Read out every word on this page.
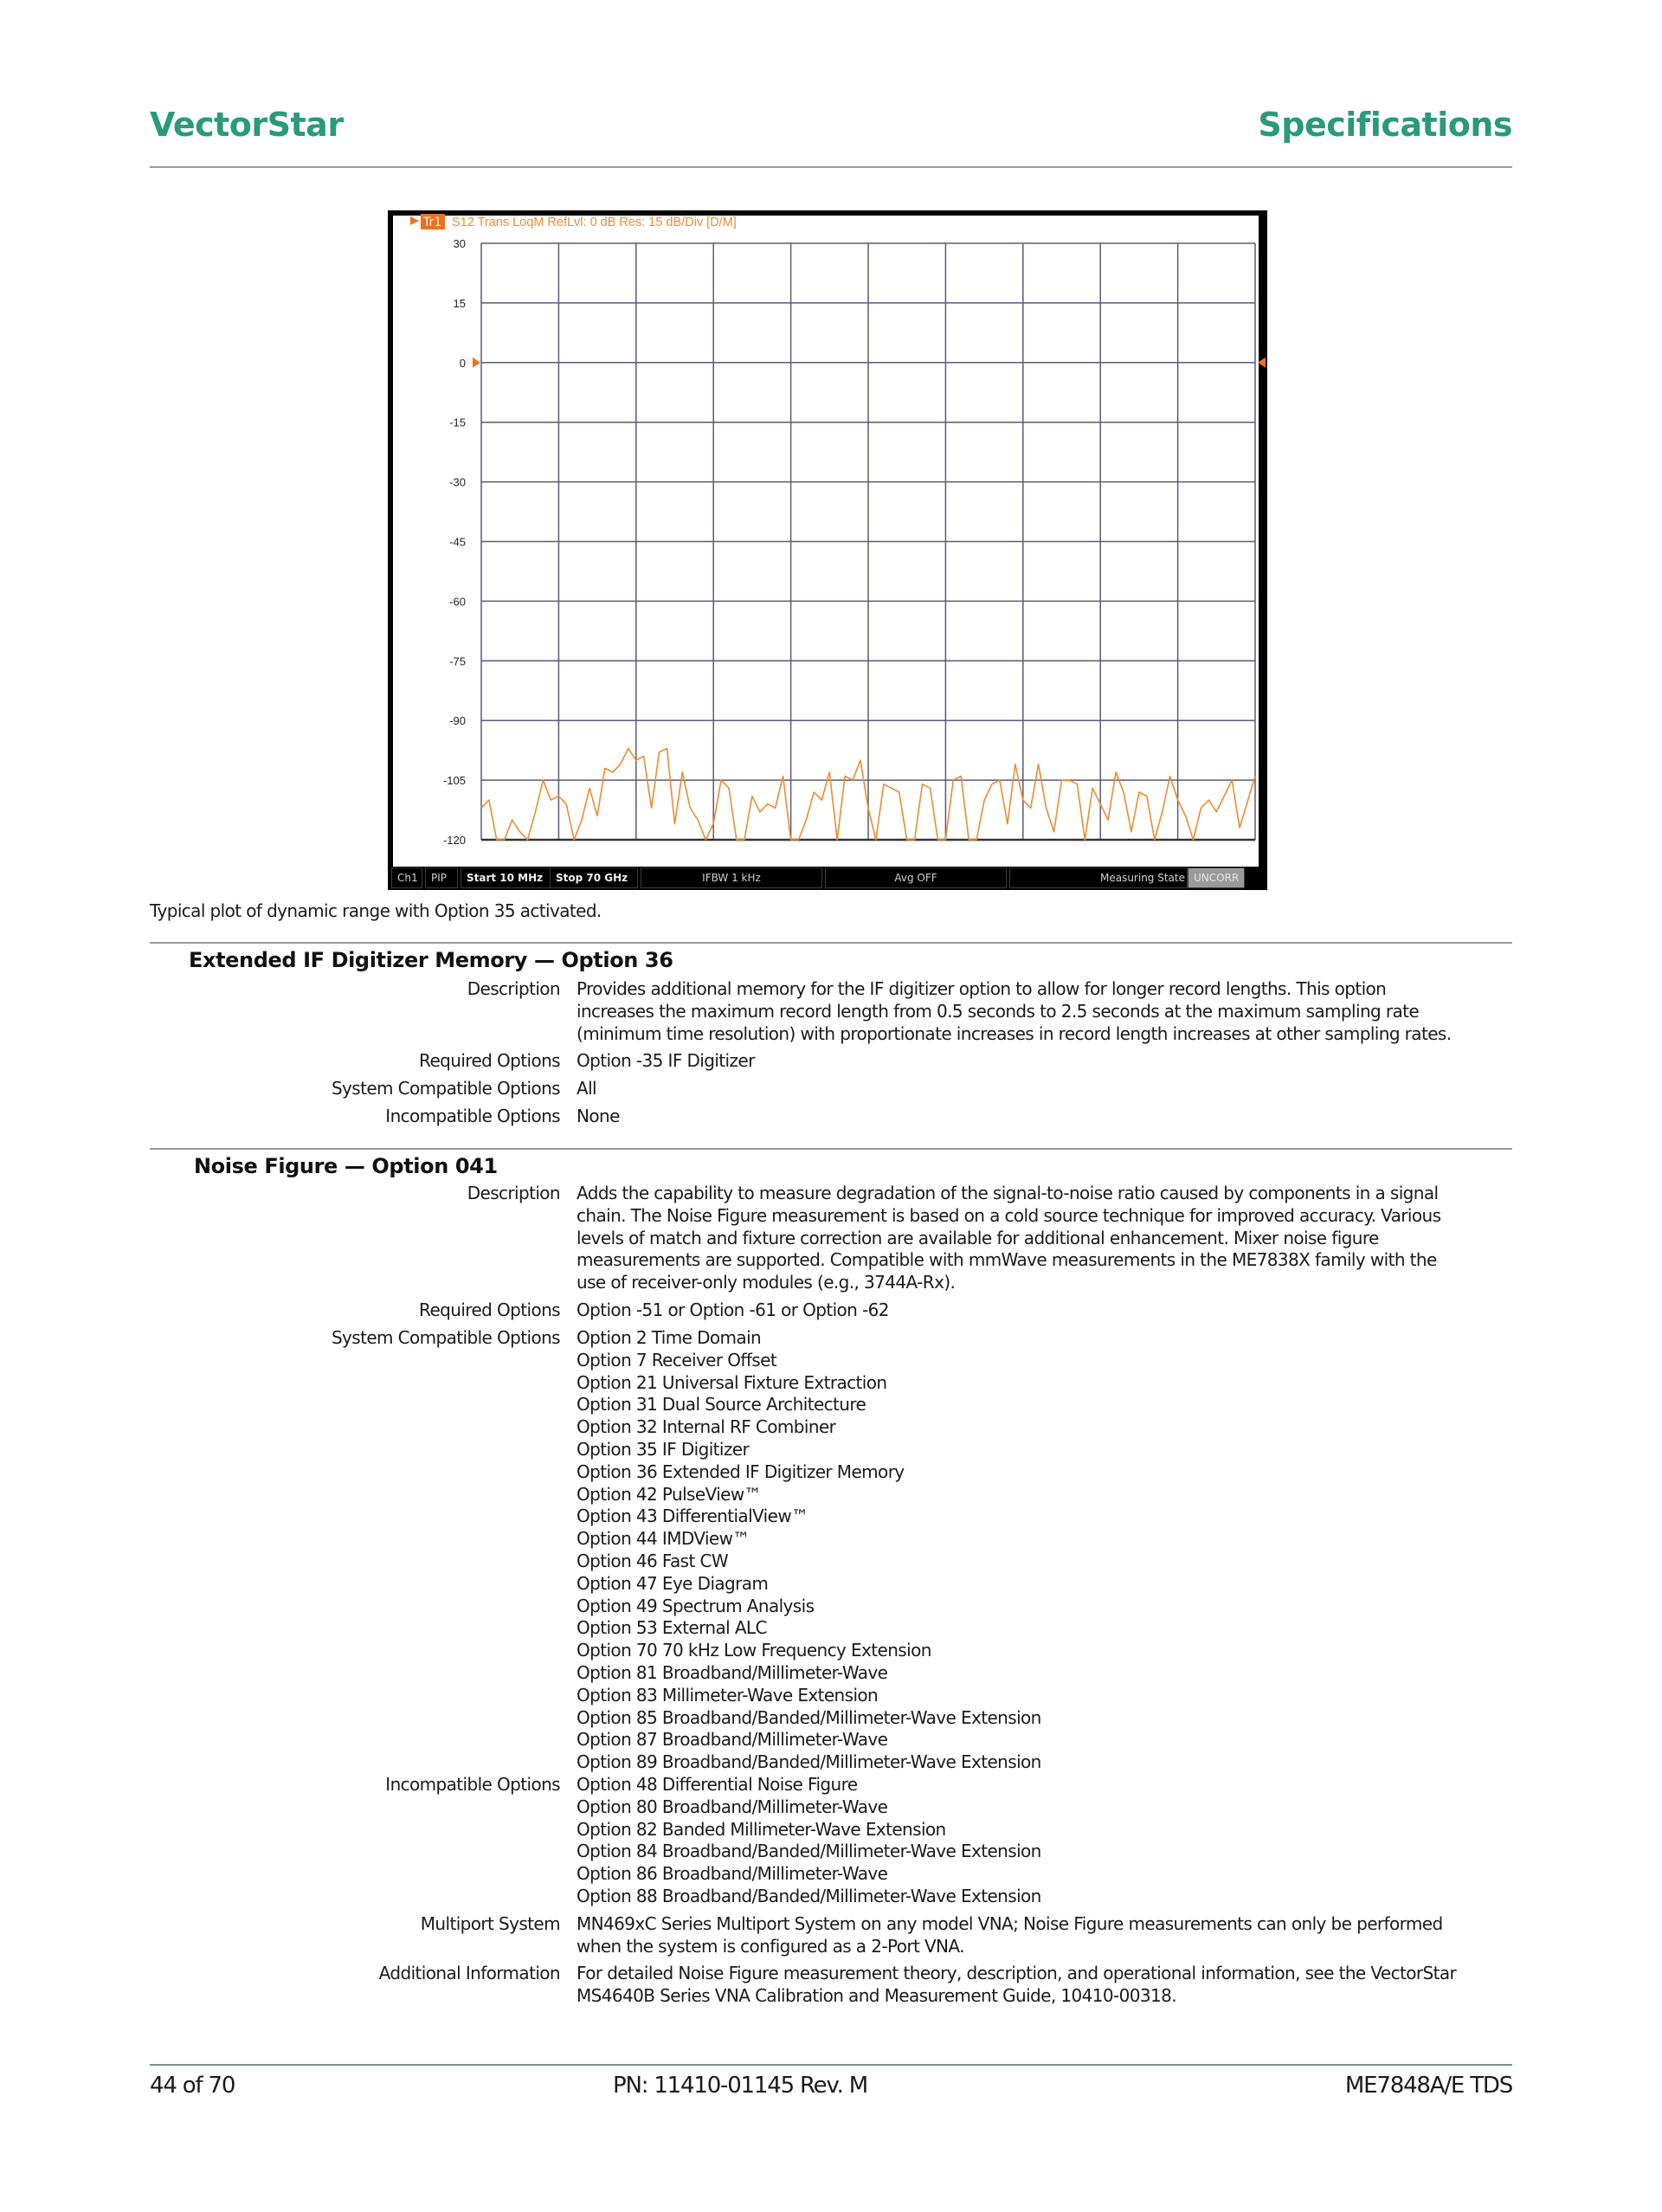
VectorStar	Specifications
Tr1 S12 Trans LoqM RefLvl: 0 dB Res: 15 dB/Div [D/M]
30
15
0
-15
-30
-45
-60
-75
-90
-105
-120
Ch1	PIP	Start 10 MHz	Stop 70 GHz	IFBW 1 kHz	Avg OFF	Measuring State UNCORR
Typical plot of dynamic range with Option 35 activated.
Extended IF Digitizer Memory — Option 36
Description Provides additional memory for the IF digitizer option to allow for longer record lengths. This option
increases the maximum record length from 0.5 seconds to 2.5 seconds at the maximum sampling rate
(minimum time resolution) with proportionate increases in record length increases at other sampling rates.
Required Options Option -35 IF Digitizer
System Compatible Options All
Incompatible Options None
Noise Figure — Option 041
Description Adds the capability to measure degradation of the signal-to-noise ratio caused by components in a signal
chain. The Noise Figure measurement is based on a cold source technique for improved accuracy. Various
levels of match and fixture correction are available for additional enhancement. Mixer noise figure
measurements are supported. Compatible with mmWave measurements in the ME7838X family with the
use of receiver-only modules (e.g., 3744A-Rx).
Required Options Option -51 or Option -61 or Option -62
System Compatible Options Option 2 Time Domain
Option 7 Receiver Offset
Option 21 Universal Fixture Extraction
Option 31 Dual Source Architecture
Option 32 Internal RF Combiner
Option 35 IF Digitizer
Option 36 Extended IF Digitizer Memory
Option 42 PulseView™
Option 43 DifferentialView™
Option 44 IMDView™
Option 46 Fast CW
Option 47 Eye Diagram
Option 49 Spectrum Analysis
Option 53 External ALC
Option 70 70 kHz Low Frequency Extension
Option 81 Broadband/Millimeter-Wave
Option 83 Millimeter-Wave Extension
Option 85 Broadband/Banded/Millimeter-Wave Extension
Option 87 Broadband/Millimeter-Wave
Option 89 Broadband/Banded/Millimeter-Wave Extension
Incompatible Options Option 48 Differential Noise Figure
Option 80 Broadband/Millimeter-Wave
Option 82 Banded Millimeter-Wave Extension
Option 84 Broadband/Banded/Millimeter-Wave Extension
Option 86 Broadband/Millimeter-Wave
Option 88 Broadband/Banded/Millimeter-Wave Extension
Multiport System MN469xC Series Multiport System on any model VNA; Noise Figure measurements can only be performed
when the system is configured as a 2-Port VNA.
Additional Information For detailed Noise Figure measurement theory, description, and operational information, see the VectorStar
MS4640B Series VNA Calibration and Measurement Guide, 10410-00318.
44 of 70	PN: 11410-01145 Rev. M	ME7848A/E TDS
